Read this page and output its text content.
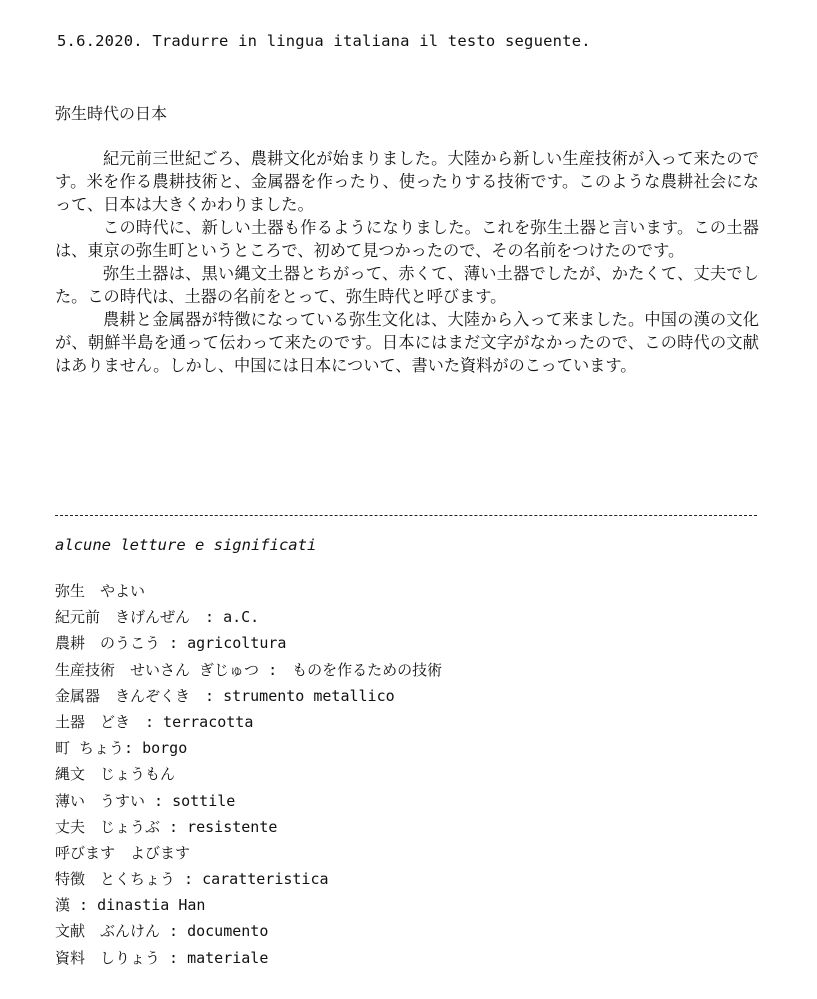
5.6.2020. Tradurre in lingua italiana il testo seguente.
弥生時代の日本

紀元前三世紀ごろ、農耕文化が始まりました。大陸から新しい生産技術が入って来たのです。米を作る農耕技術と、金属器を作ったり、使ったりする技術です。このような農耕社会になって、日本は大きくかわりました。

この時代に、新しい土器も作るようになりました。これを弥生土器と言います。この土器は、東京の弥生町というところで、初めて見つかったので、その名前をつけたのです。

弥生土器は、黒い縄文土器とちがって、赤くて、薄い土器でしたが、かたくて、丈夫でした。この時代は、土器の名前をとって、弥生時代と呼びます。

農耕と金属器が特徴になっている弥生文化は、大陸から入って来ました。中国の漢の文化が、朝鮮半島を通って伝わって来たのです。日本にはまだ文字がなかったので、この時代の文献はありません。しかし、中国には日本について、書いた資料がのこっています。

alcune letture e significati
弥生　やよい
紀元前　きげんぜん　: a.C.
農耕　のうこう : agricoltura
生産技術　せいさん ぎじゅつ :　ものを作るための技術
金属器　きんぞくき　: strumento metallico
土器　どき　: terracotta
町 ちょう: borgo
縄文　じょうもん
薄い　うすい : sottile
丈夫　じょうぶ : resistente
呼びます　よびます
特徴　とくちょう : caratteristica
漢 : dinastia Han
文献　ぶんけん : documento
資料　しりょう : materiale
